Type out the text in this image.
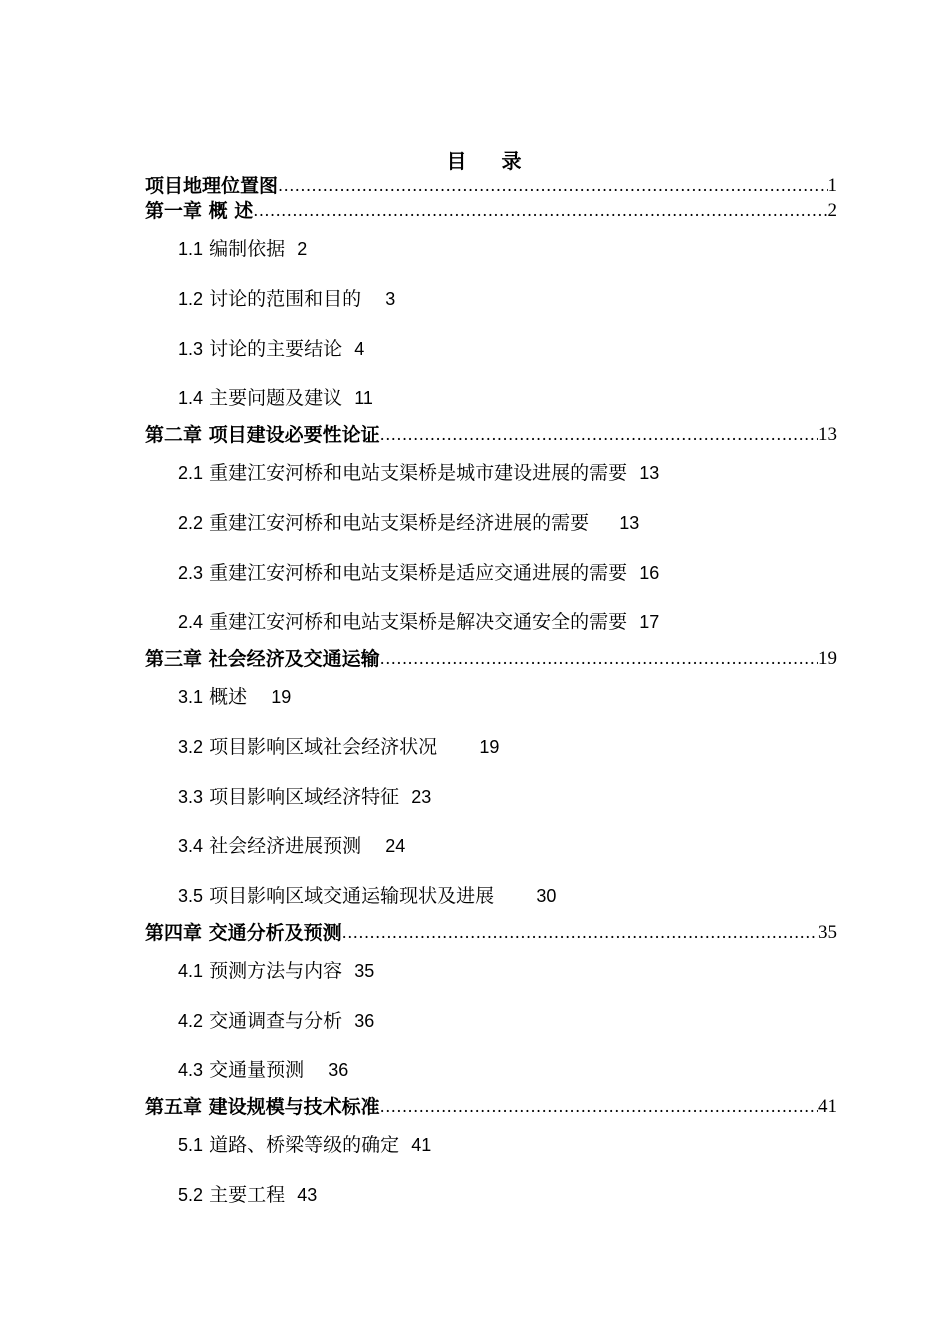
目 录
项目地理位置图 .....	1
第一章 概 述 .....	2
1.1 编制依据 2
1.2 讨论的范围和目的 3
1.3 讨论的主要结论 4
1.4 主要问题及建议 11
第二章 项目建设必要性论证 .....	13
2.1 重建江安河桥和电站支渠桥是城市建设进展的需要 13
2.2 重建江安河桥和电站支渠桥是经济进展的需要 13
2.3 重建江安河桥和电站支渠桥是适应交通进展的需要 16
2.4 重建江安河桥和电站支渠桥是解决交通安全的需要 17
第三章 社会经济及交通运输 .....	19
3.1 概述 19
3.2 项目影响区域社会经济状况 19
3.3 项目影响区域经济特征 23
3.4 社会经济进展预测 24
3.5 项目影响区域交通运输现状及进展 30
第四章 交通分析及预测 .....	35
4.1 预测方法与内容 35
4.2 交通调查与分析 36
4.3 交通量预测 36
第五章 建设规模与技术标准 .....	41
5.1 道路、桥梁等级的确定 41
5.2 主要工程 43
